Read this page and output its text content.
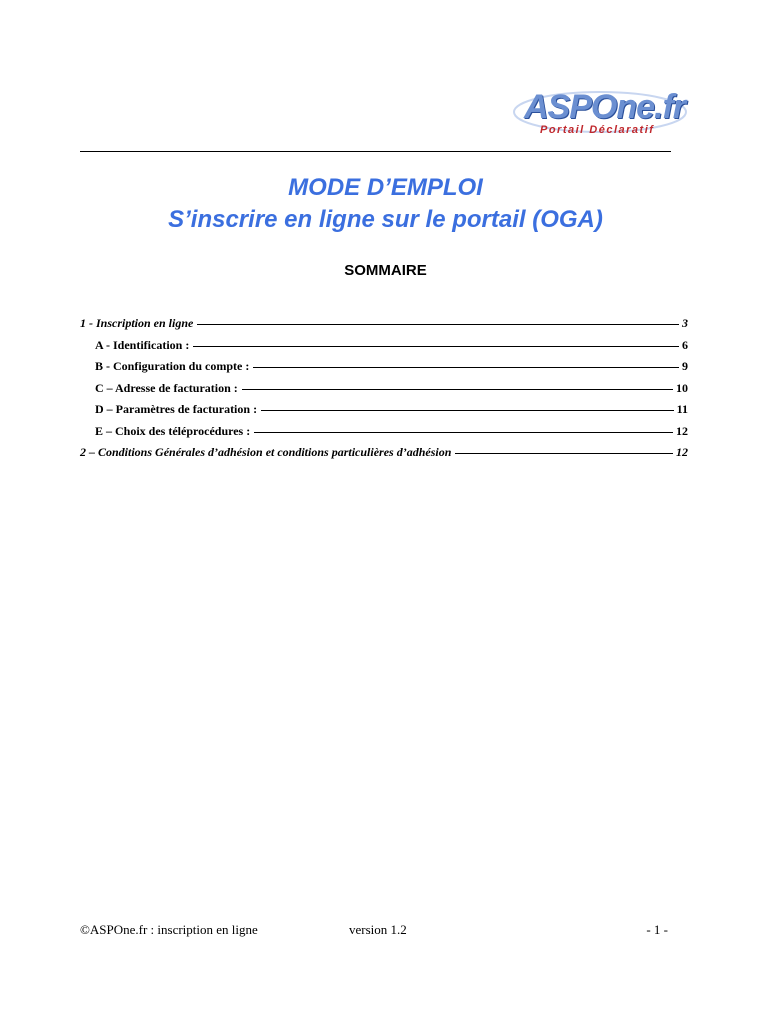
ASPOne.fr
Portail Déclaratif
MODE D’EMPLOI
S’inscrire en ligne sur le portail (OGA)
SOMMAIRE
1 - Inscription en ligne	3
A - Identification :	6
B - Configuration du compte :	9
C – Adresse de facturation :	10
D – Paramètres de facturation :	11
E – Choix des téléprocédures :	12
2 – Conditions Générales d’adhésion et conditions particulières d’adhésion	12
©ASPOne.fr : inscription en ligne	version 1.2	- 1 -
